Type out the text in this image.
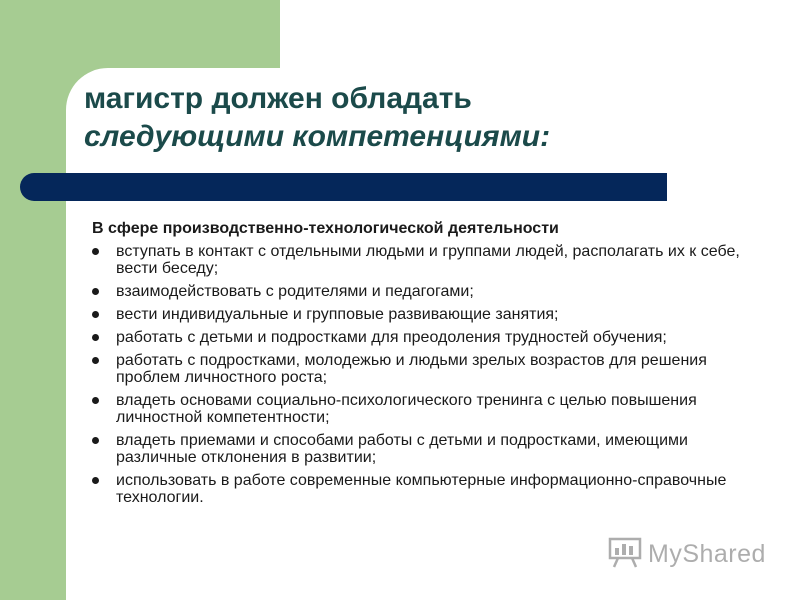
магистр должен обладать
следующими компетенциями:
В сфере производственно-технологической деятельности
вступать в контакт с отдельными людьми и группами людей, располагать их к себе, вести беседу;
взаимодействовать с родителями и педагогами;
вести индивидуальные и групповые развивающие занятия;
работать с детьми и подростками для преодоления трудностей обучения;
работать с подростками, молодежью и людьми зрелых возрастов для решения проблем личностного роста;
владеть основами социально-психологического тренинга с целью повышения личностной компетентности;
владеть приемами и способами работы с детьми и подростками, имеющими различные отклонения в развитии;
использовать в работе современные компьютерные информационно-справочные технологии.
MyShared
